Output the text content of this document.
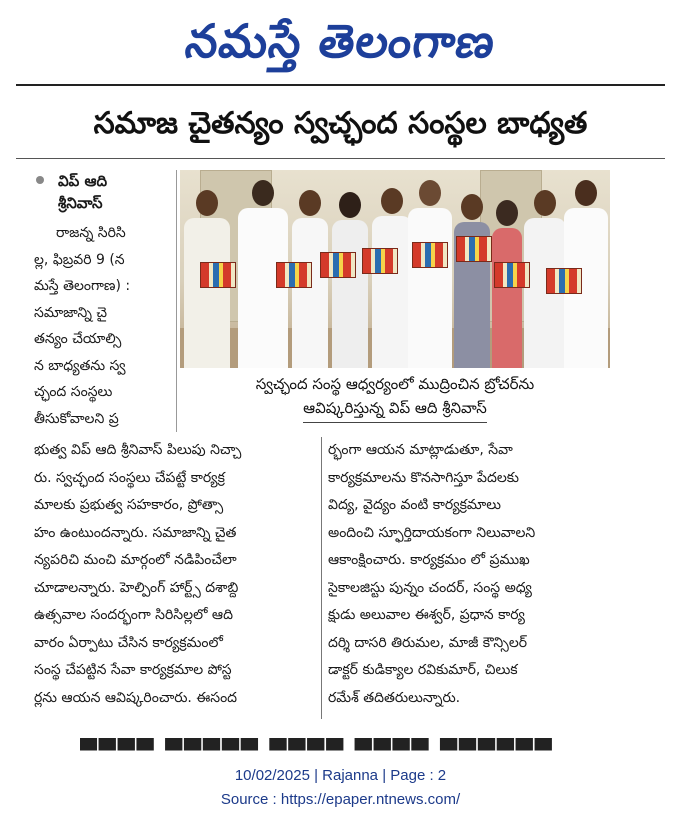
నమస్తే తెలంగాణ
సమాజ చైతన్యం స్వచ్ఛంద సంస్థల బాధ్యత
విప్ ఆది
శ్రీనివాస్
రాజన్న సిరిసి
ల్ల, ఫిబ్రవరి 9 (న
మస్తే తెలంగాణ) :
సమాజాన్ని చై
తన్యం చేయాల్సి
న బాధ్యతను స్వ
చ్ఛంద సంస్థలు
తీసుకోవాలని ప్ర
స్వచ్ఛంద సంస్థ ఆధ్వర్యంలో ముద్రించిన బ్రోచర్‌ను
ఆవిష్కరిస్తున్న విప్ ఆది శ్రీనివాస్
భుత్వ విప్ ఆది శ్రీనివాస్ పిలుపు నిచ్చా
రు. స్వచ్ఛంద సంస్థలు చేపట్టే కార్యక్ర
మాలకు ప్రభుత్వ సహకారం, ప్రోత్సా
హం ఉంటుందన్నారు. సమాజాన్ని చైత
న్యపరిచి మంచి మార్గంలో నడిపించేలా
చూడాలన్నారు. హెల్పింగ్ హార్ట్స్ దశాబ్ది
ఉత్సవాల సందర్భంగా సిరిసిల్లలో ఆది
వారం ఏర్పాటు చేసిన కార్యక్రమంలో
సంస్థ చేపట్టిన సేవా కార్యక్రమాల పోస్ట
ర్లను ఆయన ఆవిష్కరించారు. ఈసంద
ర్భంగా ఆయన మాట్లాడుతూ, సేవా
కార్యక్రమాలను కొనసాగిస్తూ పేదలకు
విద్య, వైద్యం వంటి కార్యక్రమాలు
అందించి స్ఫూర్తిదాయకంగా నిలువాలని
ఆకాంక్షించారు. కార్యక్రమం లో ప్రముఖ
సైకాలజిస్టు పున్నం చందర్, సంస్థ అధ్య
క్షుడు అలువాల ఈశ్వర్, ప్రధాన కార్య
దర్శి దాసరి తిరుమల, మాజీ కౌన్సిలర్
డాక్టర్ కుడిక్యాల రవికుమార్, చిలుక
రమేశ్ తదితరులున్నారు.
▄▄▄▄ ▄▄▄▄▄ ▄▄▄▄ ▄▄▄▄ ▄▄▄▄▄▄
10/02/2025 | Rajanna | Page : 2
Source : https://epaper.ntnews.com/
